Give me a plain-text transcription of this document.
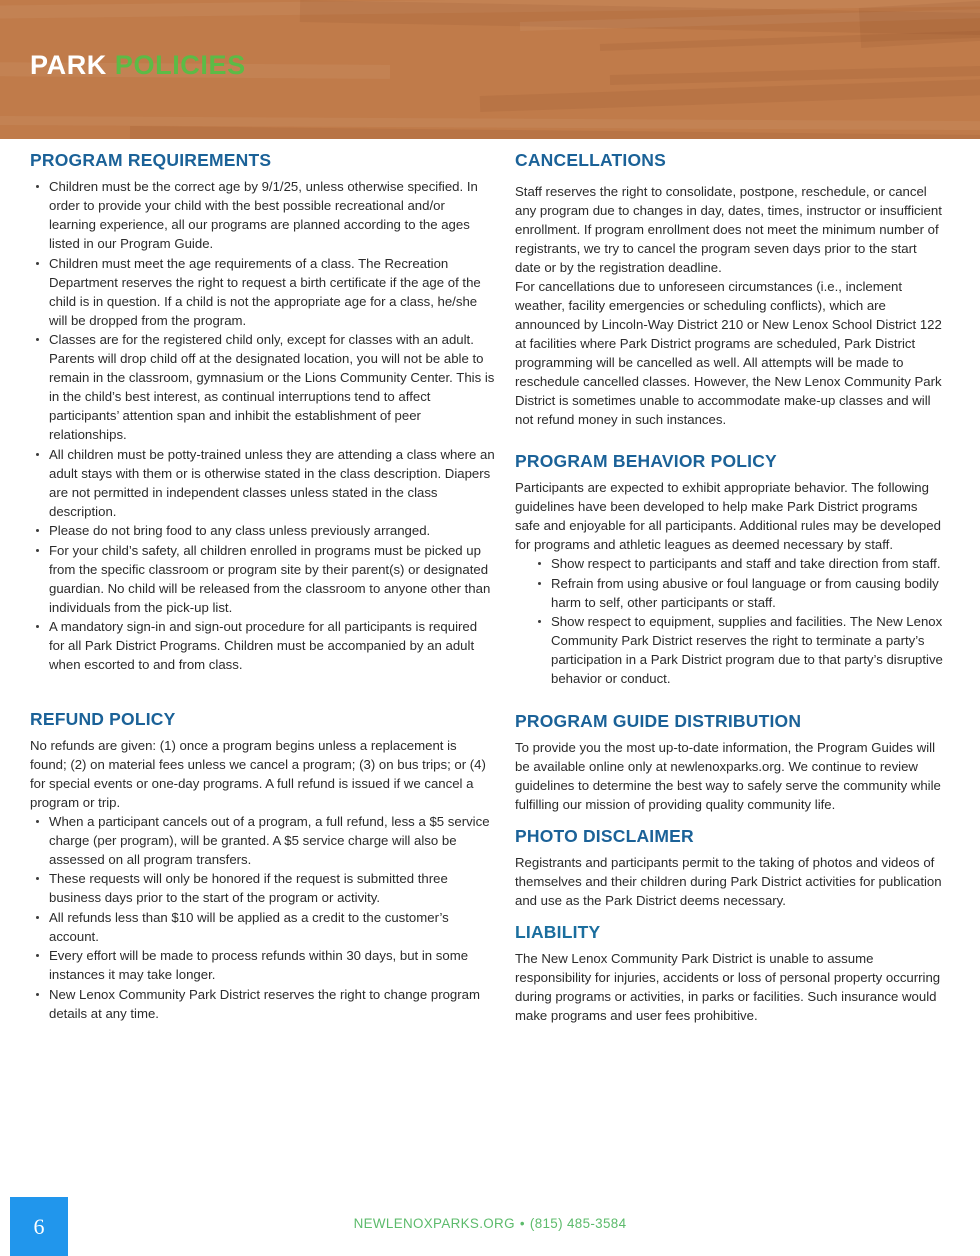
PARK POLICIES
PROGRAM REQUIREMENTS
Children must be the correct age by 9/1/25, unless otherwise specified. In order to provide your child with the best possible recreational and/or learning experience, all our programs are planned according to the ages listed in our Program Guide.
Children must meet the age requirements of a class. The Recreation Department reserves the right to request a birth certificate if the age of the child is in question. If a child is not the appropriate age for a class, he/she will be dropped from the program.
Classes are for the registered child only, except for classes with an adult. Parents will drop child off at the designated location, you will not be able to remain in the classroom, gymnasium or the Lions Community Center. This is in the child’s best interest, as continual interruptions tend to affect participants’ attention span and inhibit the establishment of peer relationships.
All children must be potty-trained unless they are attending a class where an adult stays with them or is otherwise stated in the class description. Diapers are not permitted in independent classes unless stated in the class description.
Please do not bring food to any class unless previously arranged.
For your child’s safety, all children enrolled in programs must be picked up from the specific classroom or program site by their parent(s) or designated guardian. No child will be released from the classroom to anyone other than individuals from the pick-up list.
A mandatory sign-in and sign-out procedure for all participants is required for all Park District Programs. Children must be accompanied by an adult when escorted to and from class.
REFUND POLICY

No refunds are given: (1) once a program begins unless a replacement is found; (2) on material fees unless we cancel a program; (3) on bus trips; or (4) for special events or one-day programs. A full refund is issued if we cancel a program or trip.

When a participant cancels out of a program, a full refund, less a $5 service charge (per program), will be granted. A $5 service charge will also be assessed on all program transfers.
These requests will only be honored if the request is submitted three business days prior to the start of the program or activity.
All refunds less than $10 will be applied as a credit to the customer’s account.
Every effort will be made to process refunds within 30 days, but in some instances it may take longer.
New Lenox Community Park District reserves the right to change program details at any time.
CANCELLATIONS

Staff reserves the right to consolidate, postpone, reschedule, or cancel any program due to changes in day, dates, times, instructor or insufficient enrollment. If program enrollment does not meet the minimum number of registrants, we try to cancel the program seven days prior to the start date or by the registration deadline.

For cancellations due to unforeseen circumstances (i.e., inclement weather, facility emergencies or scheduling conflicts), which are announced by Lincoln-Way District 210 or New Lenox School District 122 at facilities where Park District programs are scheduled, Park District programming will be cancelled as well. All attempts will be made to reschedule cancelled classes. However, the New Lenox Community Park District is sometimes unable to accommodate make-up classes and will not refund money in such instances.

PROGRAM BEHAVIOR POLICY

Participants are expected to exhibit appropriate behavior. The following guidelines have been developed to help make Park District programs safe and enjoyable for all participants. Additional rules may be developed for programs and athletic leagues as deemed necessary by staff.

Show respect to participants and staff and take direction from staff.
Refrain from using abusive or foul language or from causing bodily harm to self, other participants or staff.
Show respect to equipment, supplies and facilities. The New Lenox Community Park District reserves the right to terminate a party’s participation in a Park District program due to that party’s disruptive behavior or conduct.
PROGRAM GUIDE DISTRIBUTION

To provide you the most up-to-date information, the Program Guides will be available online only at newlenoxparks.org. We continue to review guidelines to determine the best way to safely serve the community while fulfilling our mission of providing quality community life.

PHOTO DISCLAIMER

Registrants and participants permit to the taking of photos and videos of themselves and their children during Park District activities for publication and use as the Park District deems necessary.

LIABILITY

The New Lenox Community Park District is unable to assume responsibility for injuries, accidents or loss of personal property occurring during programs or activities, in parks or facilities. Such insurance would make programs and user fees prohibitive.

6	NEWLENOXPARKS.ORG • (815) 485-3584
